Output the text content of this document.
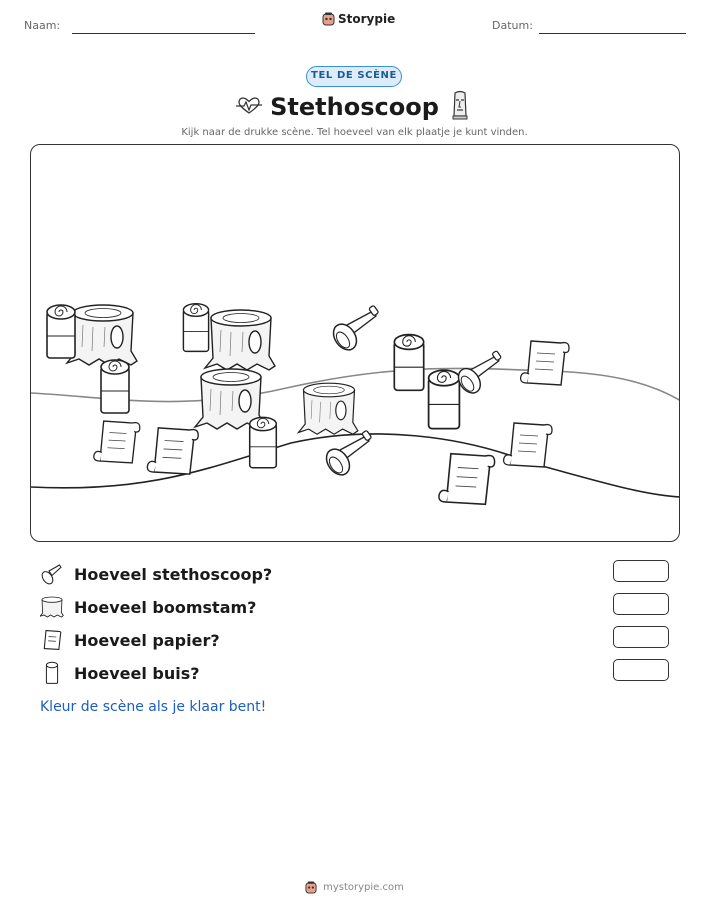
Naam:	Storypie	Datum:
TEL DE SCÈNE
Stethoscoop
Kijk naar de drukke scène. Tel hoeveel van elk plaatje je kunt vinden.
Hoeveel stethoscoop?
Hoeveel boomstam?
Hoeveel papier?
Hoeveel buis?
Kleur de scène als je klaar bent!
mystorypie.com
